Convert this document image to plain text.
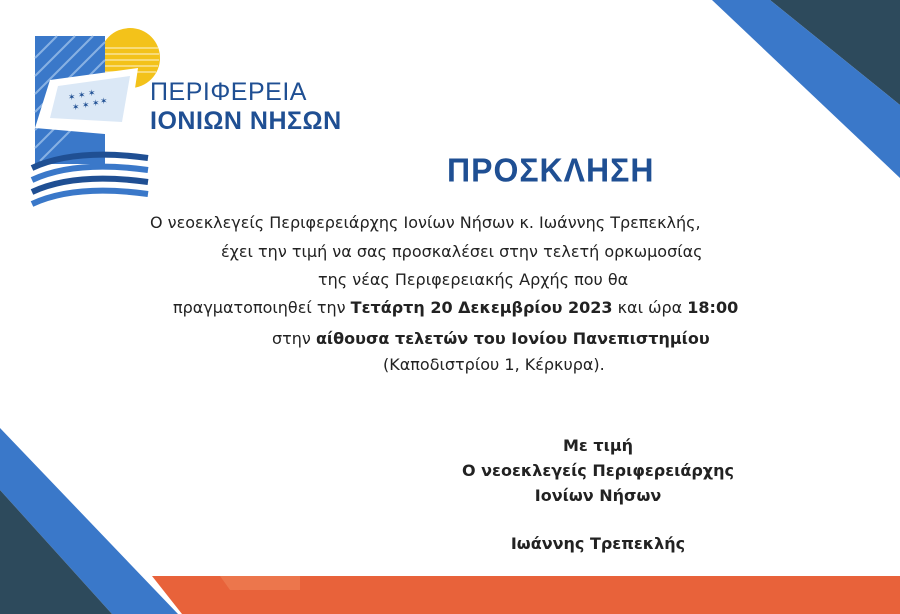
✶ ✶ ✶
✶ ✶ ✶ ✶ ΠΕΡΙΦΕΡΕΙΑ
ΙΟΝΙΩΝ ΝΗΣΩΝ
ΠΡΟΣΚΛΗΣΗ
Ο νεοεκλεγείς Περιφερειάρχης Ιονίων Νήσων κ. Ιωάννης Τρεπεκλής,
έχει την τιμή να σας προσκαλέσει στην τελετή ορκωμοσίας
της νέας Περιφερειακής Αρχής που θα
πραγματοποιηθεί την Τετάρτη 20 Δεκεμβρίου 2023 και ώρα 18:00
στην αίθουσα τελετών του Ιονίου Πανεπιστημίου
(Καποδιστρίου 1, Κέρκυρα).
Με τιμή
Ο νεοεκλεγείς Περιφερειάρχης
Ιονίων Νήσων
Ιωάννης Τρεπεκλής
